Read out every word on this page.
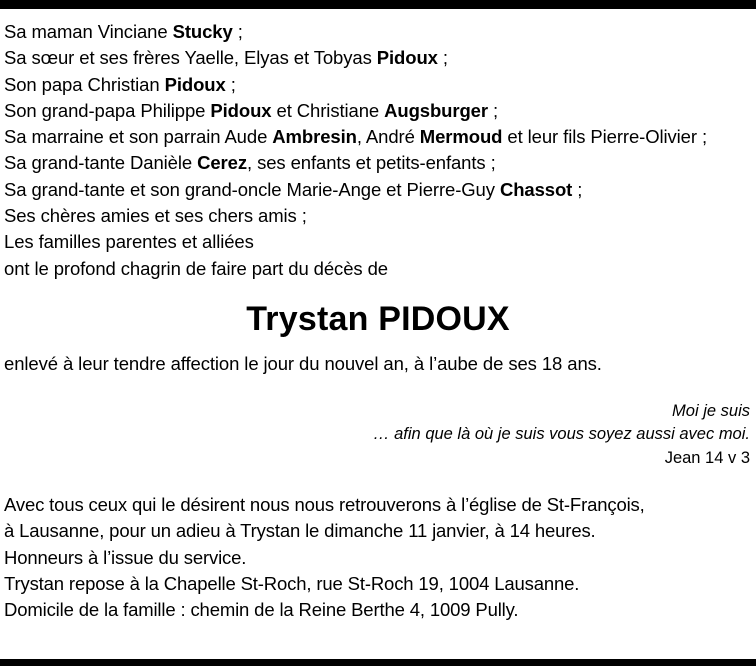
Sa maman Vinciane Stucky ;
Sa sœur et ses frères Yaelle, Elyas et Tobyas Pidoux ;
Son papa Christian Pidoux ;
Son grand-papa Philippe Pidoux et Christiane Augsburger ;
Sa marraine et son parrain Aude Ambresin, André Mermoud et leur fils Pierre-Olivier ;
Sa grand-tante Danièle Cerez, ses enfants et petits-enfants ;
Sa grand-tante et son grand-oncle Marie-Ange et Pierre-Guy Chassot ;
Ses chères amies et ses chers amis ;
Les familles parentes et alliées
ont le profond chagrin de faire part du décès de
Trystan PIDOUX
enlevé à leur tendre affection le jour du nouvel an, à l’aube de ses 18 ans.
Moi je suis
… afin que là où je suis vous soyez aussi avec moi.
Jean 14 v 3

Avec tous ceux qui le désirent nous nous retrouverons à l’église de St-François,

à Lausanne, pour un adieu à Trystan le dimanche 11 janvier, à 14 heures.

Honneurs à l’issue du service.

Trystan repose à la Chapelle St-Roch, rue St-Roch 19, 1004 Lausanne.

Domicile de la famille : chemin de la Reine Berthe 4, 1009 Pully.
